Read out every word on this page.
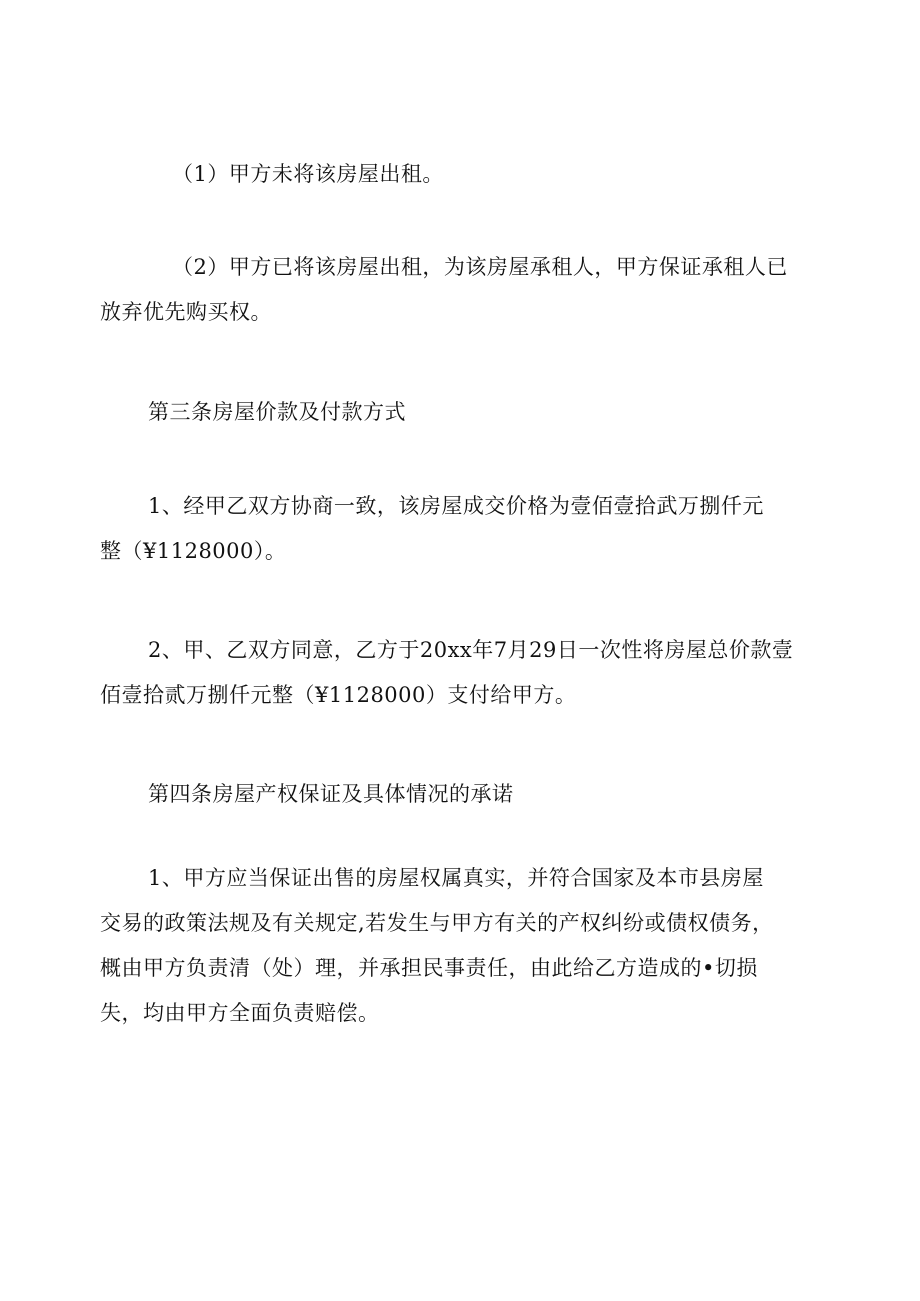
（1）甲方未将该房屋出租。

（2）甲方已将该房屋出租，为该房屋承租人，甲方保证承租人已
放弃优先购买权。

第三条房屋价款及付款方式

1、经甲乙双方协商一致，该房屋成交价格为壹佰壹拾武万捌仟元
整（¥1128000）。

2、甲、乙双方同意，乙方于20xx年7月29日一次性将房屋总价款壹
佰壹拾贰万捌仟元整（¥1128000）支付给甲方。

第四条房屋产权保证及具体情况的承诺

1、甲方应当保证出售的房屋权属真实，并符合国家及本市县房屋
交易的政策法规及有关规定,若发生与甲方有关的产权纠纷或债权债务，
概由甲方负责清（处）理，并承担民事责任，由此给乙方造成的•切损
失，均由甲方全面负责赔偿。
